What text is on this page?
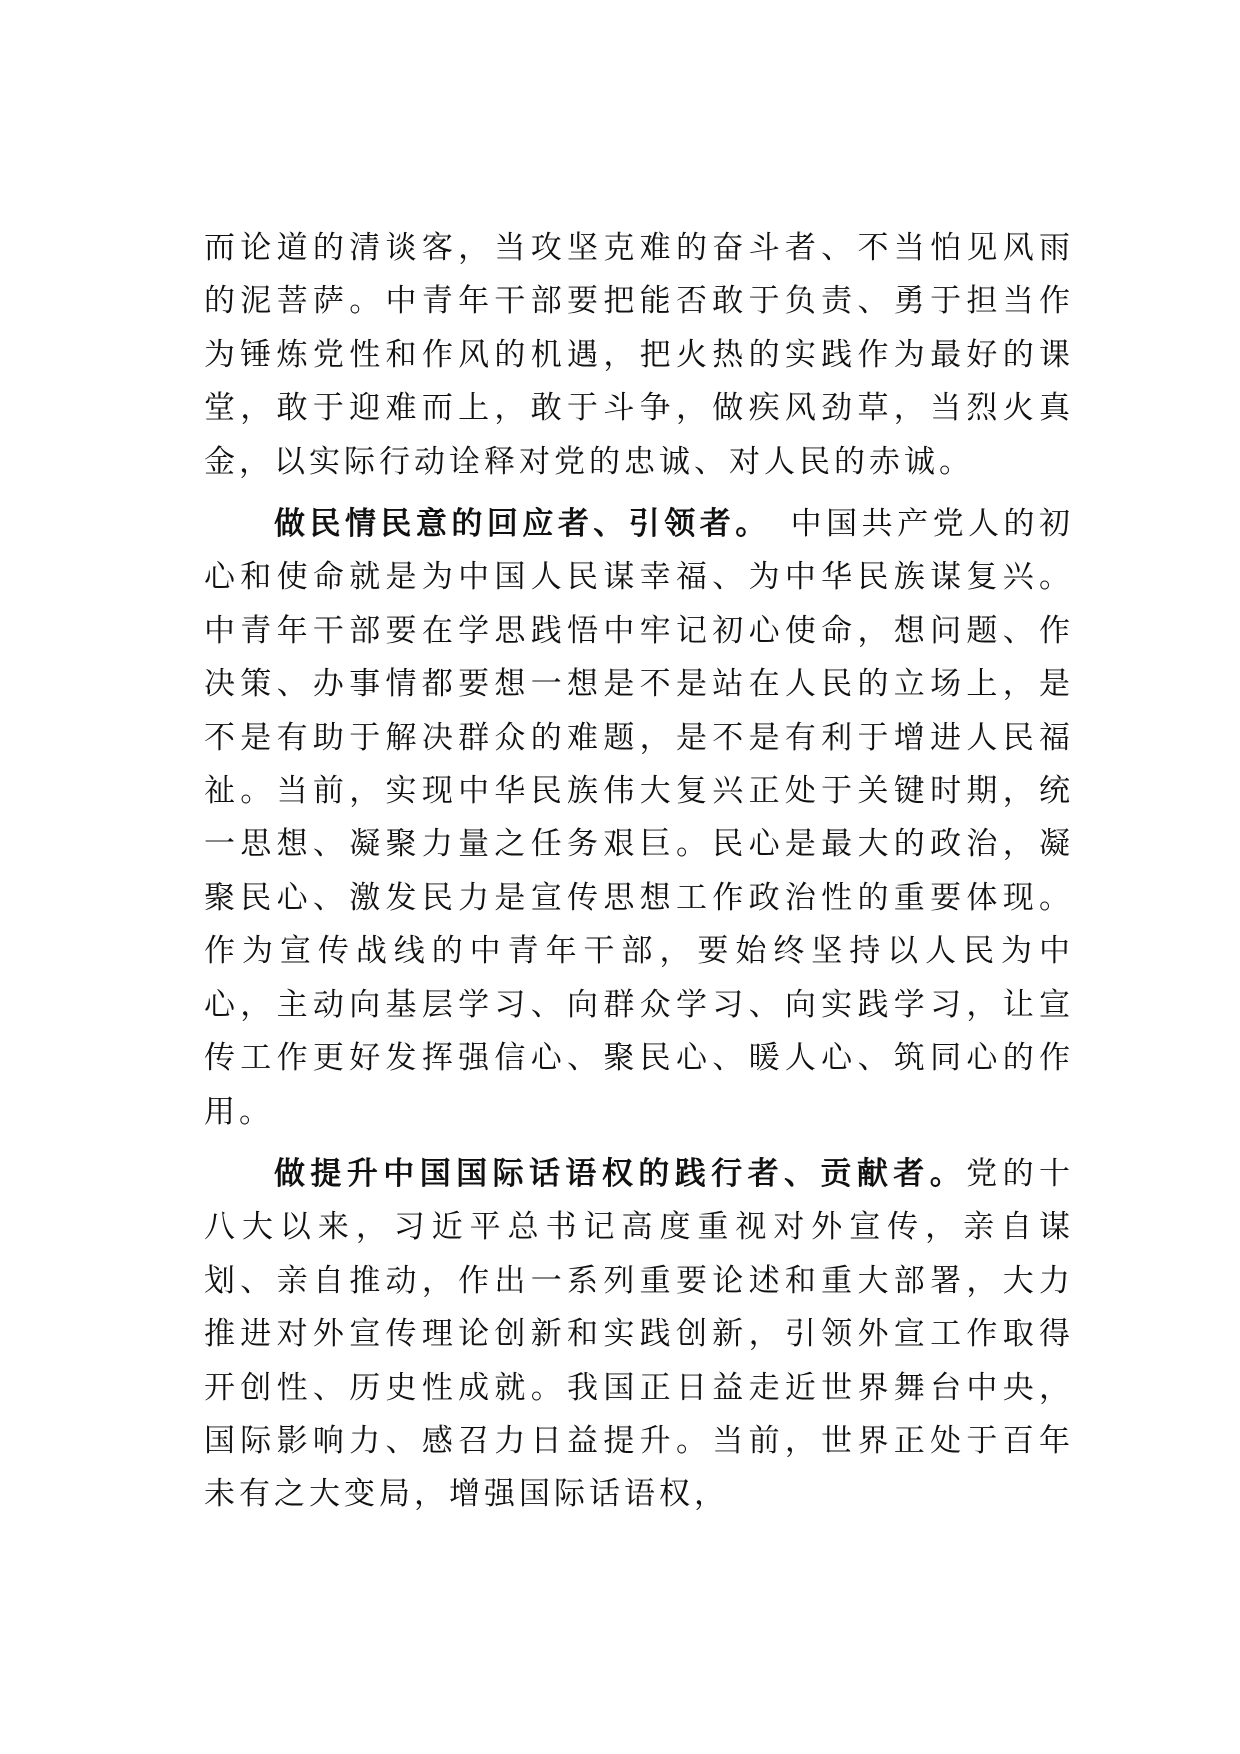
而论道的清谈客，当攻坚克难的奋斗者、不当怕见风雨的泥菩萨。中青年干部要把能否敢于负责、勇于担当作为锤炼党性和作风的机遇，把火热的实践作为最好的课堂，敢于迎难而上，敢于斗争，做疾风劲草，当烈火真金，以实际行动诠释对党的忠诚、对人民的赤诚。

做民情民意的回应者、引领者。　中国共产党人的初心和使命就是为中国人民谋幸福、为中华民族谋复兴。中青年干部要在学思践悟中牢记初心使命，想问题、作决策、办事情都要想一想是不是站在人民的立场上，是不是有助于解决群众的难题，是不是有利于增进人民福祉。当前，实现中华民族伟大复兴正处于关键时期，统一思想、凝聚力量之任务艰巨。民心是最大的政治，凝聚民心、激发民力是宣传思想工作政治性的重要体现。作为宣传战线的中青年干部，要始终坚持以人民为中心，主动向基层学习、向群众学习、向实践学习，让宣传工作更好发挥强信心、聚民心、暖人心、筑同心的作用。

做提升中国国际话语权的践行者、贡献者。党的十八大以来，习近平总书记高度重视对外宣传，亲自谋划、亲自推动，作出一系列重要论述和重大部署，大力推进对外宣传理论创新和实践创新，引领外宣工作取得开创性、历史性成就。我国正日益走近世界舞台中央，国际影响力、感召力日益提升。当前，世界正处于百年未有之大变局，增强国际话语权，
